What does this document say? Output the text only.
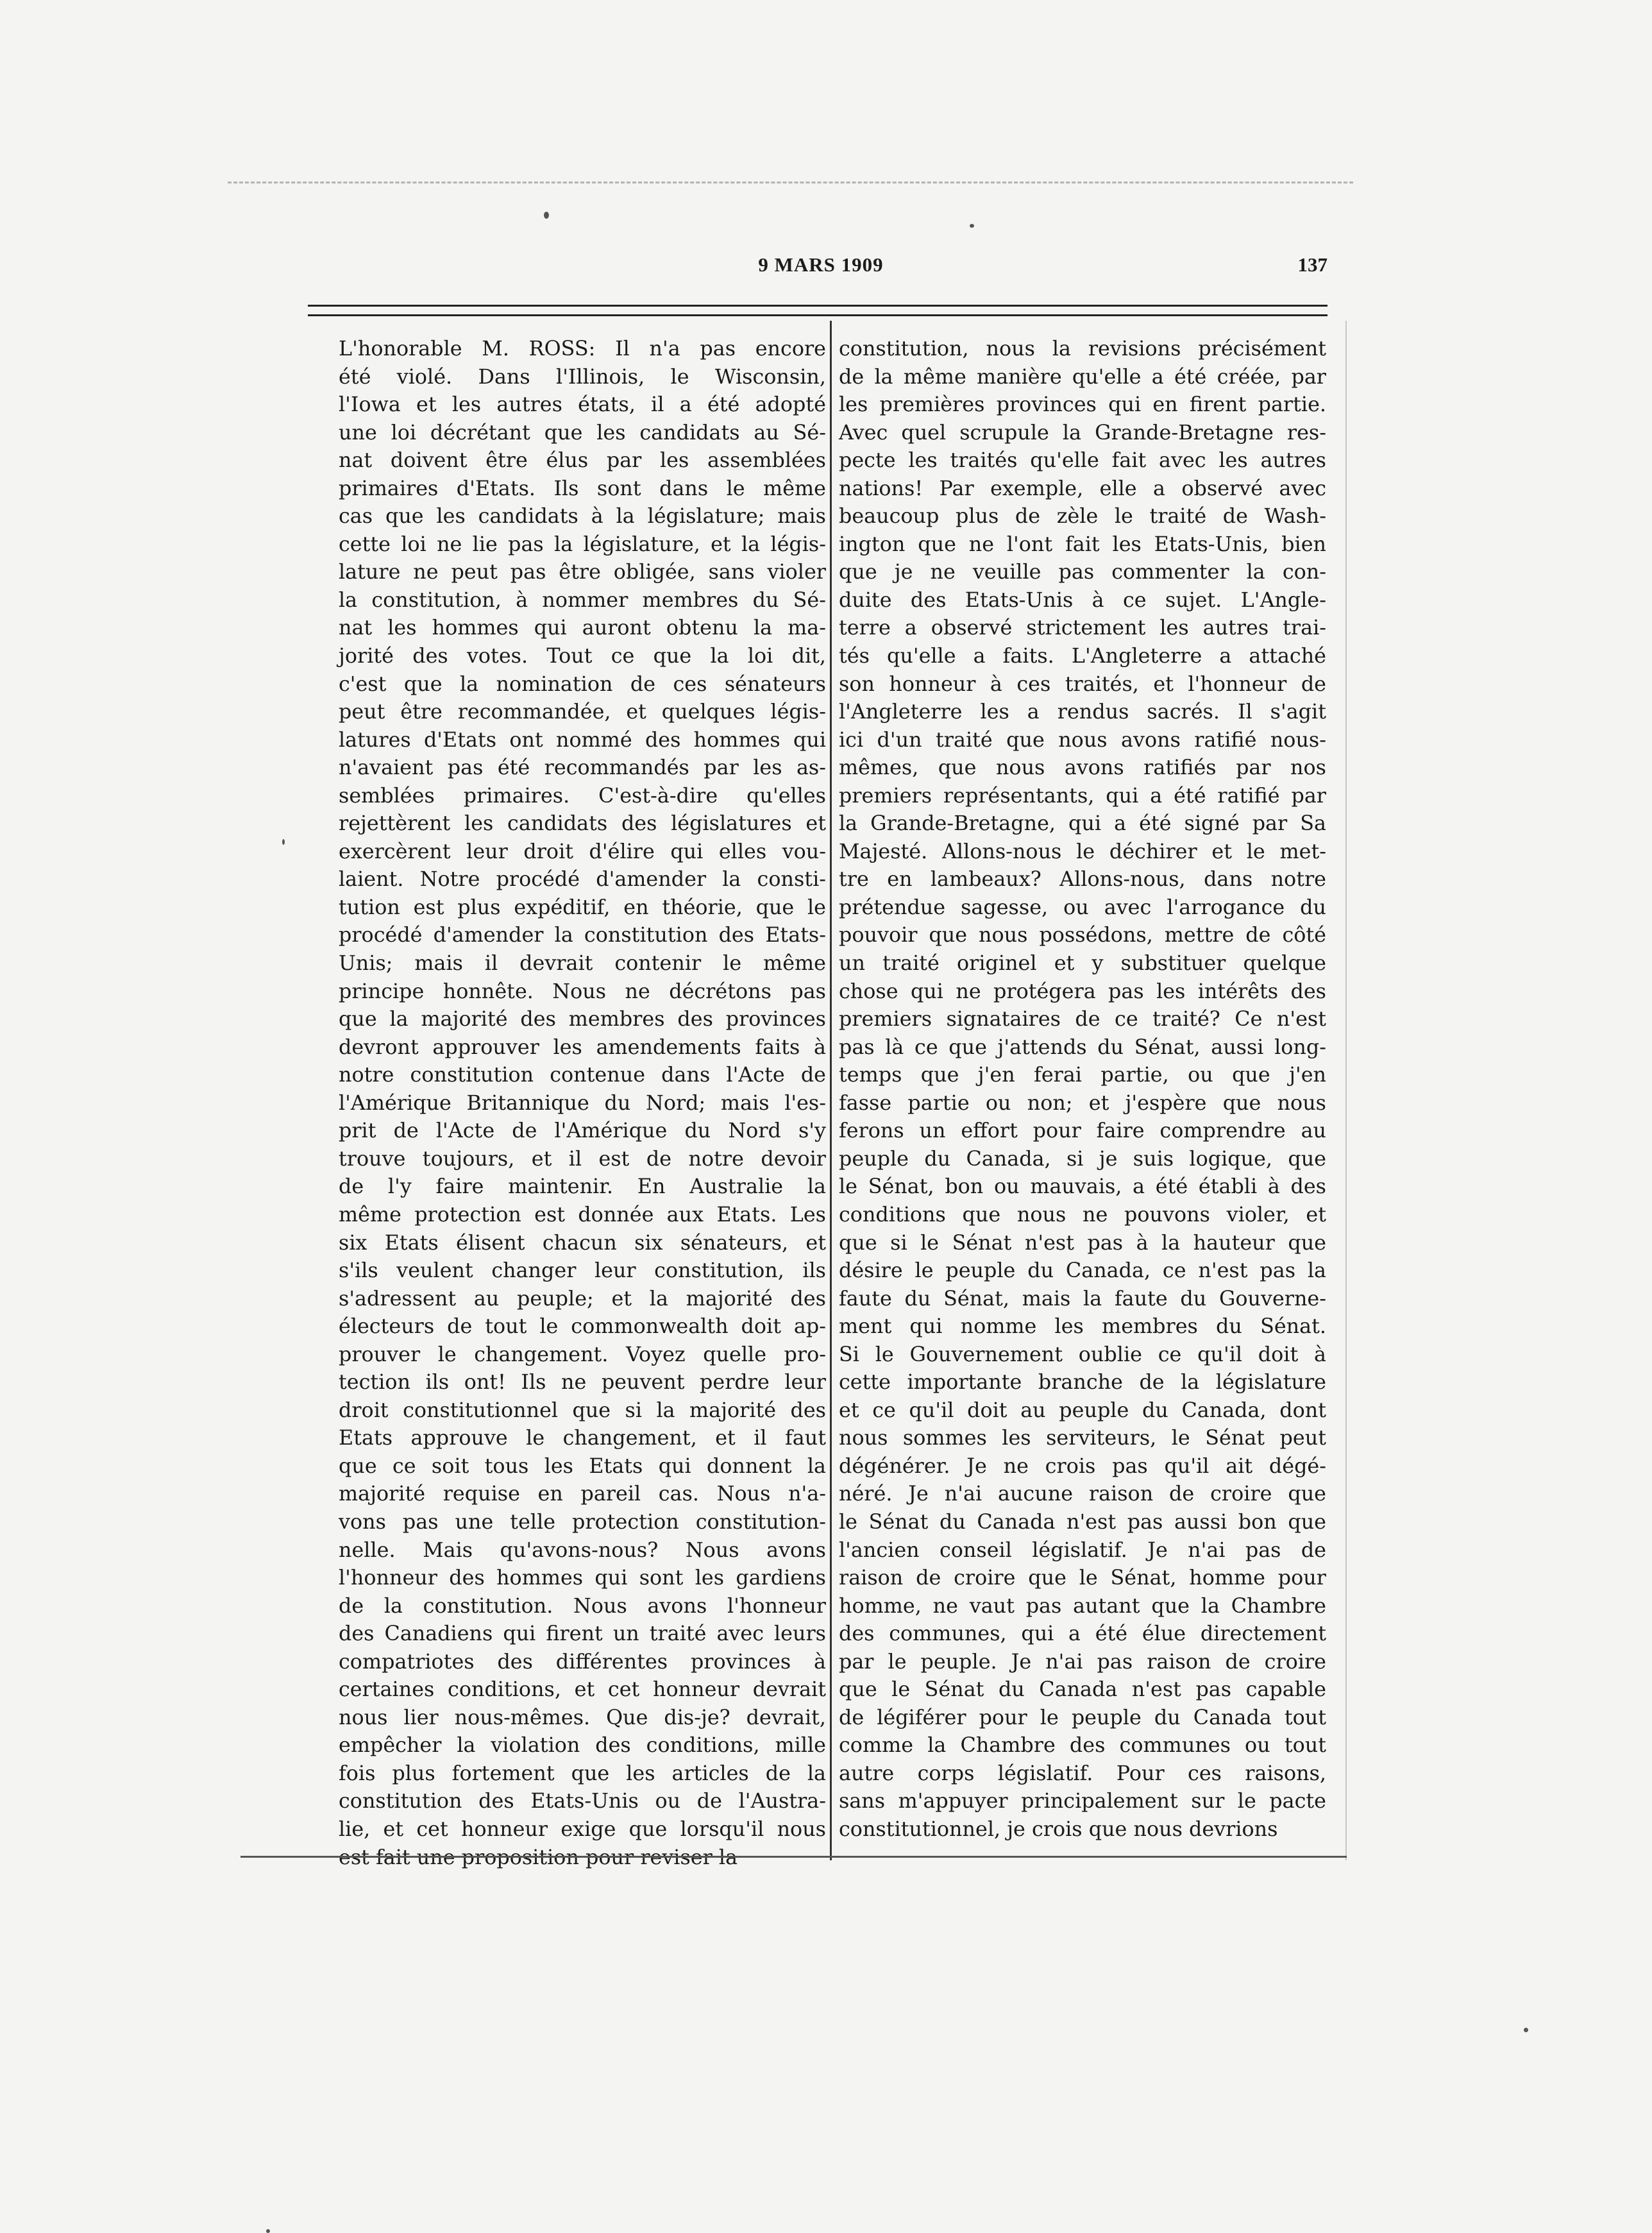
9 MARS 1909	137
L'honorable M. ROSS: Il n'a pas encore
été violé. Dans l'Illinois, le Wisconsin,
l'Iowa et les autres états, il a été adopté
une loi décrétant que les candidats au Sé-
nat doivent être élus par les assemblées
primaires d'Etats. Ils sont dans le même
cas que les candidats à la législature; mais
cette loi ne lie pas la législature, et la légis-
lature ne peut pas être obligée, sans violer
la constitution, à nommer membres du Sé-
nat les hommes qui auront obtenu la ma-
jorité des votes. Tout ce que la loi dit,
c'est que la nomination de ces sénateurs
peut être recommandée, et quelques légis-
latures d'Etats ont nommé des hommes qui
n'avaient pas été recommandés par les as-
semblées primaires. C'est-à-dire qu'elles
rejettèrent les candidats des législatures et
exercèrent leur droit d'élire qui elles vou-
laient. Notre procédé d'amender la consti-
tution est plus expéditif, en théorie, que le
procédé d'amender la constitution des Etats-
Unis; mais il devrait contenir le même
principe honnête. Nous ne décrétons pas
que la majorité des membres des provinces
devront approuver les amendements faits à
notre constitution contenue dans l'Acte de
l'Amérique Britannique du Nord; mais l'es-
prit de l'Acte de l'Amérique du Nord s'y
trouve toujours, et il est de notre devoir
de l'y faire maintenir. En Australie la
même protection est donnée aux Etats. Les
six Etats élisent chacun six sénateurs, et
s'ils veulent changer leur constitution, ils
s'adressent au peuple; et la majorité des
électeurs de tout le commonwealth doit ap-
prouver le changement. Voyez quelle pro-
tection ils ont! Ils ne peuvent perdre leur
droit constitutionnel que si la majorité des
Etats approuve le changement, et il faut
que ce soit tous les Etats qui donnent la
majorité requise en pareil cas. Nous n'a-
vons pas une telle protection constitution-
nelle. Mais qu'avons-nous? Nous avons
l'honneur des hommes qui sont les gardiens
de la constitution. Nous avons l'honneur
des Canadiens qui firent un traité avec leurs
compatriotes des différentes provinces à
certaines conditions, et cet honneur devrait
nous lier nous-mêmes. Que dis-je? devrait,
empêcher la violation des conditions, mille
fois plus fortement que les articles de la
constitution des Etats-Unis ou de l'Austra-
lie, et cet honneur exige que lorsqu'il nous
est fait une proposition pour reviser la
constitution, nous la revisions précisément
de la même manière qu'elle a été créée, par
les premières provinces qui en firent partie.
Avec quel scrupule la Grande-Bretagne res-
pecte les traités qu'elle fait avec les autres
nations! Par exemple, elle a observé avec
beaucoup plus de zèle le traité de Wash-
ington que ne l'ont fait les Etats-Unis, bien
que je ne veuille pas commenter la con-
duite des Etats-Unis à ce sujet. L'Angle-
terre a observé strictement les autres trai-
tés qu'elle a faits. L'Angleterre a attaché
son honneur à ces traités, et l'honneur de
l'Angleterre les a rendus sacrés. Il s'agit
ici d'un traité que nous avons ratifié nous-
mêmes, que nous avons ratifiés par nos
premiers représentants, qui a été ratifié par
la Grande-Bretagne, qui a été signé par Sa
Majesté. Allons-nous le déchirer et le met-
tre en lambeaux? Allons-nous, dans notre
prétendue sagesse, ou avec l'arrogance du
pouvoir que nous possédons, mettre de côté
un traité originel et y substituer quelque
chose qui ne protégera pas les intérêts des
premiers signataires de ce traité? Ce n'est
pas là ce que j'attends du Sénat, aussi long-
temps que j'en ferai partie, ou que j'en
fasse partie ou non; et j'espère que nous
ferons un effort pour faire comprendre au
peuple du Canada, si je suis logique, que
le Sénat, bon ou mauvais, a été établi à des
conditions que nous ne pouvons violer, et
que si le Sénat n'est pas à la hauteur que
désire le peuple du Canada, ce n'est pas la
faute du Sénat, mais la faute du Gouverne-
ment qui nomme les membres du Sénat.
Si le Gouvernement oublie ce qu'il doit à
cette importante branche de la législature
et ce qu'il doit au peuple du Canada, dont
nous sommes les serviteurs, le Sénat peut
dégénérer. Je ne crois pas qu'il ait dégé-
néré. Je n'ai aucune raison de croire que
le Sénat du Canada n'est pas aussi bon que
l'ancien conseil législatif. Je n'ai pas de
raison de croire que le Sénat, homme pour
homme, ne vaut pas autant que la Chambre
des communes, qui a été élue directement
par le peuple. Je n'ai pas raison de croire
que le Sénat du Canada n'est pas capable
de légiférer pour le peuple du Canada tout
comme la Chambre des communes ou tout
autre corps législatif. Pour ces raisons,
sans m'appuyer principalement sur le pacte
constitutionnel, je crois que nous devrions
